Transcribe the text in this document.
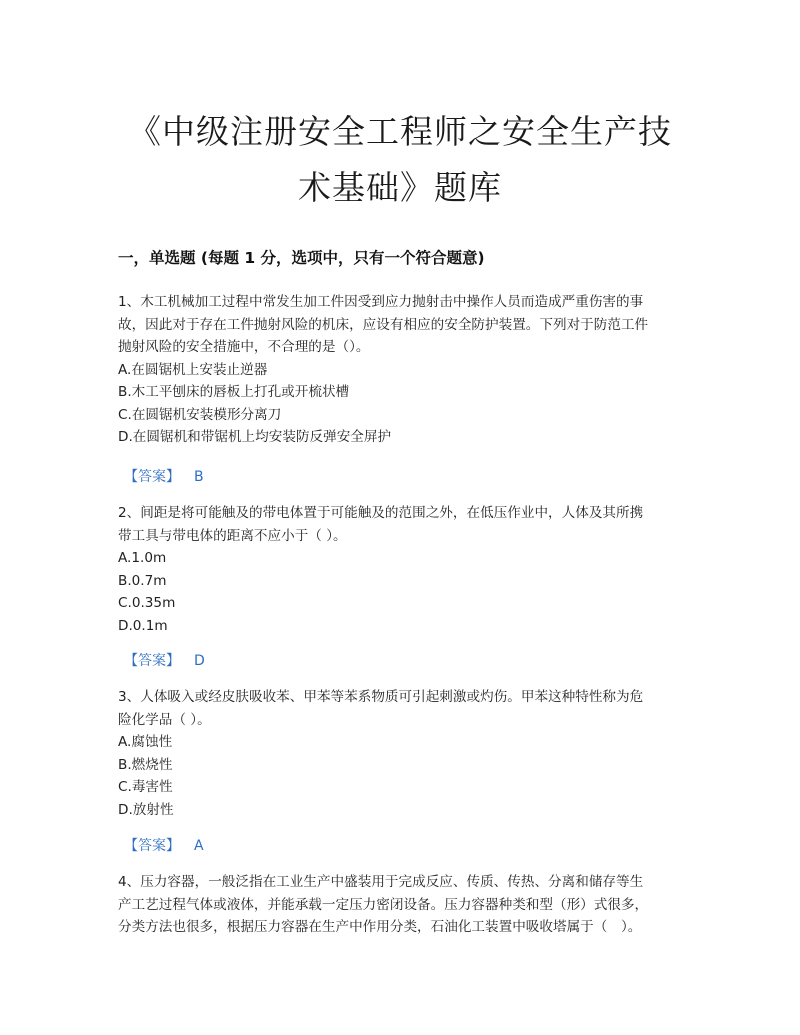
《中级注册安全工程师之安全生产技
术基础》题库
一，单选题 (每题 1 分，选项中，只有一个符合题意)

1、木工机械加工过程中常发生加工件因受到应力抛射击中操作人员而造成严重伤害的事

故，因此对于存在工件抛射风险的机床，应设有相应的安全防护装置。下列对于防范工件

抛射风险的安全措施中，不合理的是（）。

A.在圆锯机上安装止逆器

B.木工平刨床的唇板上打孔或开梳状槽

C.在圆锯机安装模形分离刀

D.在圆锯机和带锯机上均安装防反弹安全屏护

【答案】 B

2、间距是将可能触及的带电体置于可能触及的范围之外，在低压作业中，人体及其所携

带工具与带电体的距离不应小于（ ）。

A.1.0m

B.0.7m

C.0.35m

D.0.1m

【答案】 D

3、人体吸入或经皮肤吸收苯、甲苯等苯系物质可引起刺激或灼伤。甲苯这种特性称为危

险化学品（ ）。

A.腐蚀性

B.燃烧性

C.毒害性

D.放射性

【答案】 A

4、压力容器，一般泛指在工业生产中盛装用于完成反应、传质、传热、分离和储存等生

产工艺过程气体或液体，并能承载一定压力密闭设备。压力容器种类和型（形）式很多，

分类方法也很多，根据压力容器在生产中作用分类，石油化工装置中吸收塔属于（　）。
